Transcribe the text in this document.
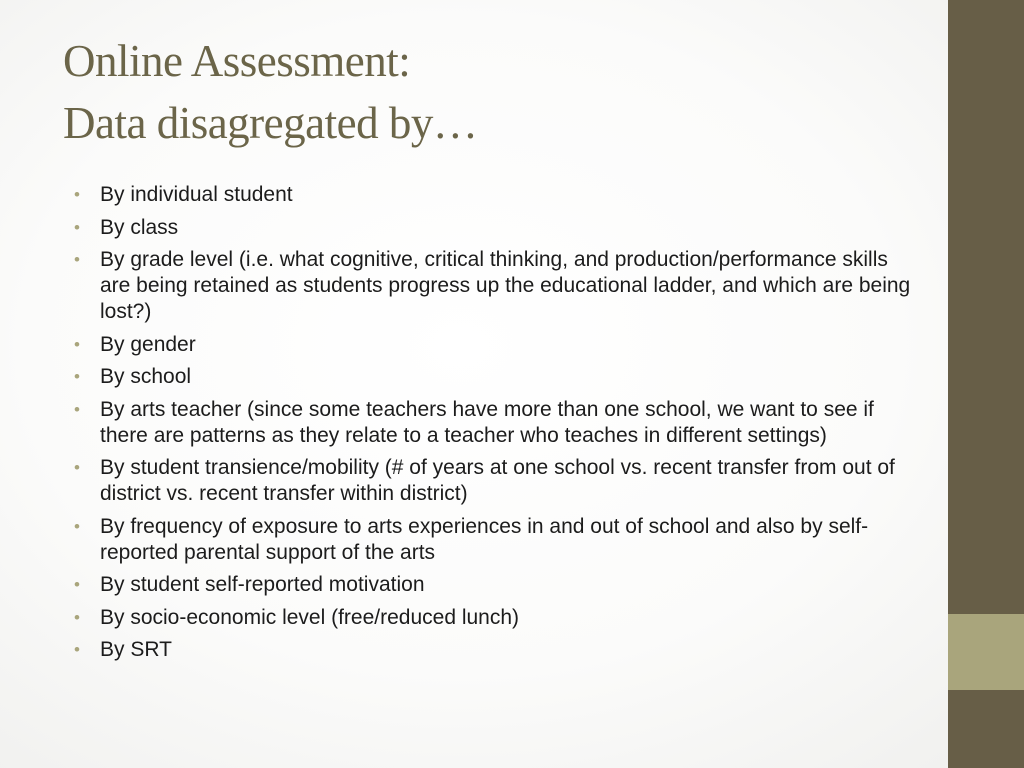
Online Assessment:
Data disagregated by…
• By individual student
• By class
• By grade level (i.e. what cognitive, critical thinking, and production/performance skills are being retained as students progress up the educational ladder, and which are being lost?)
• By gender
• By school
• By arts teacher (since some teachers have more than one school, we want to see if there are patterns as they relate to a teacher who teaches in different settings)
• By student transience/mobility (# of years at one school vs. recent transfer from out of district vs. recent transfer within district)
• By frequency of exposure to arts experiences in and out of school and also by self-reported parental support of the arts
• By student self-reported motivation
• By socio-economic level (free/reduced lunch)
• By SRT
